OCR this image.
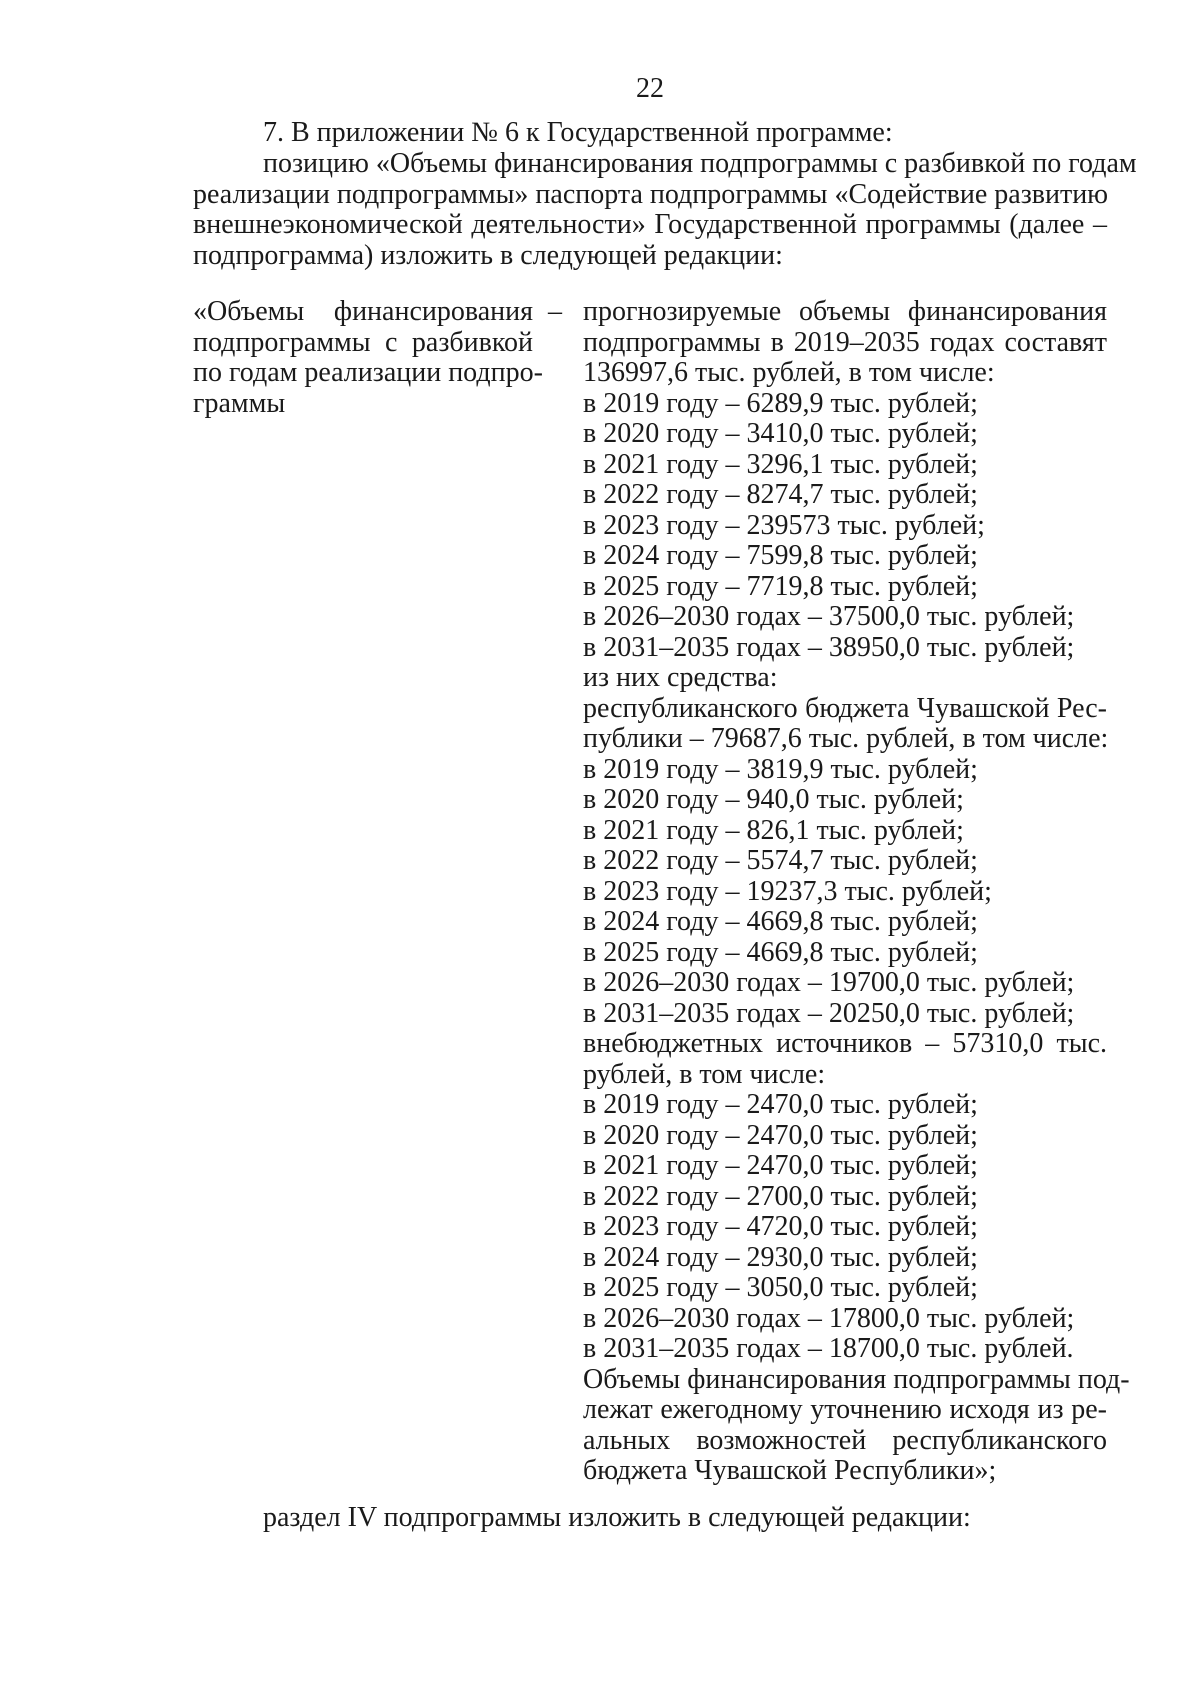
22
7. В приложении № 6 к Государственной программе:
позицию «Объемы финансирования подпрограммы с разбивкой по годам
реализации подпрограммы» паспорта подпрограммы «Содействие развитию
внешнеэкономической деятельности» Государственной программы (далее –
подпрограмма) изложить в следующей редакции:
«Объемы финансирования
подпрограммы с разбивкой
по годам реализации подпро-
граммы
– прогнозируемые объемы финансирования
подпрограммы в 2019–2035 годах составят
136997,6 тыс. рублей, в том числе:
в 2019 году – 6289,9 тыс. рублей;
в 2020 году – 3410,0 тыс. рублей;
в 2021 году – 3296,1 тыс. рублей;
в 2022 году – 8274,7 тыс. рублей;
в 2023 году – 239573 тыс. рублей;
в 2024 году – 7599,8 тыс. рублей;
в 2025 году – 7719,8 тыс. рублей;
в 2026–2030 годах – 37500,0 тыс. рублей;
в 2031–2035 годах – 38950,0 тыс. рублей;
из них средства:
республиканского бюджета Чувашской Рес-
публики – 79687,6 тыс. рублей, в том числе:
в 2019 году – 3819,9 тыс. рублей;
в 2020 году – 940,0 тыс. рублей;
в 2021 году – 826,1 тыс. рублей;
в 2022 году – 5574,7 тыс. рублей;
в 2023 году – 19237,3 тыс. рублей;
в 2024 году – 4669,8 тыс. рублей;
в 2025 году – 4669,8 тыс. рублей;
в 2026–2030 годах – 19700,0 тыс. рублей;
в 2031–2035 годах – 20250,0 тыс. рублей;
внебюджетных источников – 57310,0 тыс.
рублей, в том числе:
в 2019 году – 2470,0 тыс. рублей;
в 2020 году – 2470,0 тыс. рублей;
в 2021 году – 2470,0 тыс. рублей;
в 2022 году – 2700,0 тыс. рублей;
в 2023 году – 4720,0 тыс. рублей;
в 2024 году – 2930,0 тыс. рублей;
в 2025 году – 3050,0 тыс. рублей;
в 2026–2030 годах – 17800,0 тыс. рублей;
в 2031–2035 годах – 18700,0 тыс. рублей.
Объемы финансирования подпрограммы под-
лежат ежегодному уточнению исходя из ре-
альных возможностей республиканского
бюджета Чувашской Республики»;
раздел IV подпрограммы изложить в следующей редакции:
